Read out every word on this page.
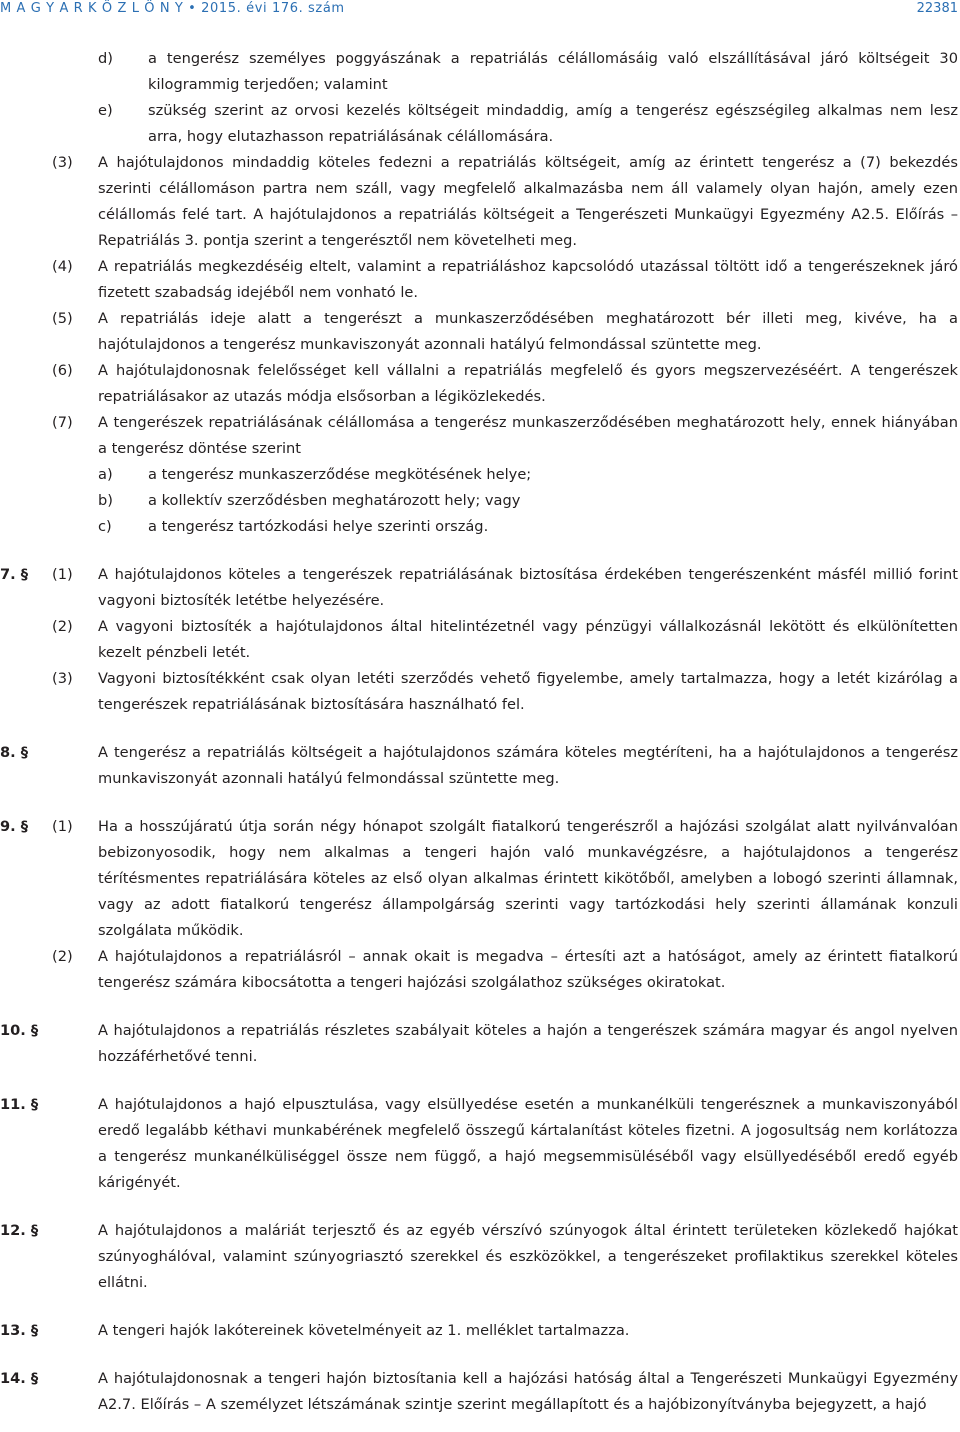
M A G Y A R K Ö Z L Ö N Y • 2015. évi 176. szám	22381
d)	a tengerész személyes poggyászának a repatriálás célállomásáig való elszállításával járó költségeit 30 kilogrammig terjedően; valamint
e)	szükség szerint az orvosi kezelés költségeit mindaddig, amíg a tengerész egészségileg alkalmas nem lesz arra, hogy elutazhasson repatriálásának célállomására.
(3)	A hajótulajdonos mindaddig köteles fedezni a repatriálás költségeit, amíg az érintett tengerész a (7) bekezdés szerinti célállomáson partra nem száll, vagy megfelelő alkalmazásba nem áll valamely olyan hajón, amely ezen célállomás felé tart. A hajótulajdonos a repatriálás költségeit a Tengerészeti Munkaügyi Egyezmény A2.5. Előírás – Repatriálás 3. pontja szerint a tengerésztől nem követelheti meg.
(4)	A repatriálás megkezdéséig eltelt, valamint a repatriáláshoz kapcsolódó utazással töltött idő a tengerészeknek járó fizetett szabadság idejéből nem vonható le.
(5)	A repatriálás ideje alatt a tengerészt a munkaszerződésében meghatározott bér illeti meg, kivéve, ha a hajótulajdonos a tengerész munkaviszonyát azonnali hatályú felmondással szüntette meg.
(6)	A hajótulajdonosnak felelősséget kell vállalni a repatriálás megfelelő és gyors megszervezéséért. A tengerészek repatriálásakor az utazás módja elsősorban a légiközlekedés.
(7)	A tengerészek repatriálásának célállomása a tengerész munkaszerződésében meghatározott hely, ennek hiányában a tengerész döntése szerint
a)	a tengerész munkaszerződése megkötésének helye;
b)	a kollektív szerződésben meghatározott hely; vagy
c)	a tengerész tartózkodási helye szerinti ország.
7. §	(1)	A hajótulajdonos köteles a tengerészek repatriálásának biztosítása érdekében tengerészenként másfél millió forint vagyoni biztosíték letétbe helyezésére.
(2)	A vagyoni biztosíték a hajótulajdonos által hitelintézetnél vagy pénzügyi vállalkozásnál lekötött és elkülönítetten kezelt pénzbeli letét.
(3)	Vagyoni biztosítékként csak olyan letéti szerződés vehető figyelembe, amely tartalmazza, hogy a letét kizárólag a tengerészek repatriálásának biztosítására használható fel.
8. §	A tengerész a repatriálás költségeit a hajótulajdonos számára köteles megtéríteni, ha a hajótulajdonos a tengerész munkaviszonyát azonnali hatályú felmondással szüntette meg.
9. §	(1)	Ha a hosszújáratú útja során négy hónapot szolgált fiatalkorú tengerészről a hajózási szolgálat alatt nyilvánvalóan bebizonyosodik, hogy nem alkalmas a tengeri hajón való munkavégzésre, a hajótulajdonos a tengerész térítésmentes repatriálására köteles az első olyan alkalmas érintett kikötőből, amelyben a lobogó szerinti államnak, vagy az adott fiatalkorú tengerész állampolgárság szerinti vagy tartózkodási hely szerinti államának konzuli szolgálata működik.
(2)	A hajótulajdonos a repatriálásról – annak okait is megadva – értesíti azt a hatóságot, amely az érintett fiatalkorú tengerész számára kibocsátotta a tengeri hajózási szolgálathoz szükséges okiratokat.
10. §	A hajótulajdonos a repatriálás részletes szabályait köteles a hajón a tengerészek számára magyar és angol nyelven hozzáférhetővé tenni.
11. §	A hajótulajdonos a hajó elpusztulása, vagy elsüllyedése esetén a munkanélküli tengerésznek a munkaviszonyából eredő legalább kéthavi munkabérének megfelelő összegű kártalanítást köteles fizetni. A jogosultság nem korlátozza a tengerész munkanélküliséggel össze nem függő, a hajó megsemmisüléséből vagy elsüllyedéséből eredő egyéb kárigényét.
12. §	A hajótulajdonos a maláriát terjesztő és az egyéb vérszívó szúnyogok által érintett területeken közlekedő hajókat szúnyoghálóval, valamint szúnyogriasztó szerekkel és eszközökkel, a tengerészeket profilaktikus szerekkel köteles ellátni.
13. §	A tengeri hajók lakótereinek követelményeit az 1. melléklet tartalmazza.
14. §	A hajótulajdonosnak a tengeri hajón biztosítania kell a hajózási hatóság által a Tengerészeti Munkaügyi Egyezmény A2.7. Előírás – A személyzet létszámának szintje szerint megállapított és a hajóbizonyítványba bejegyzett, a hajó
